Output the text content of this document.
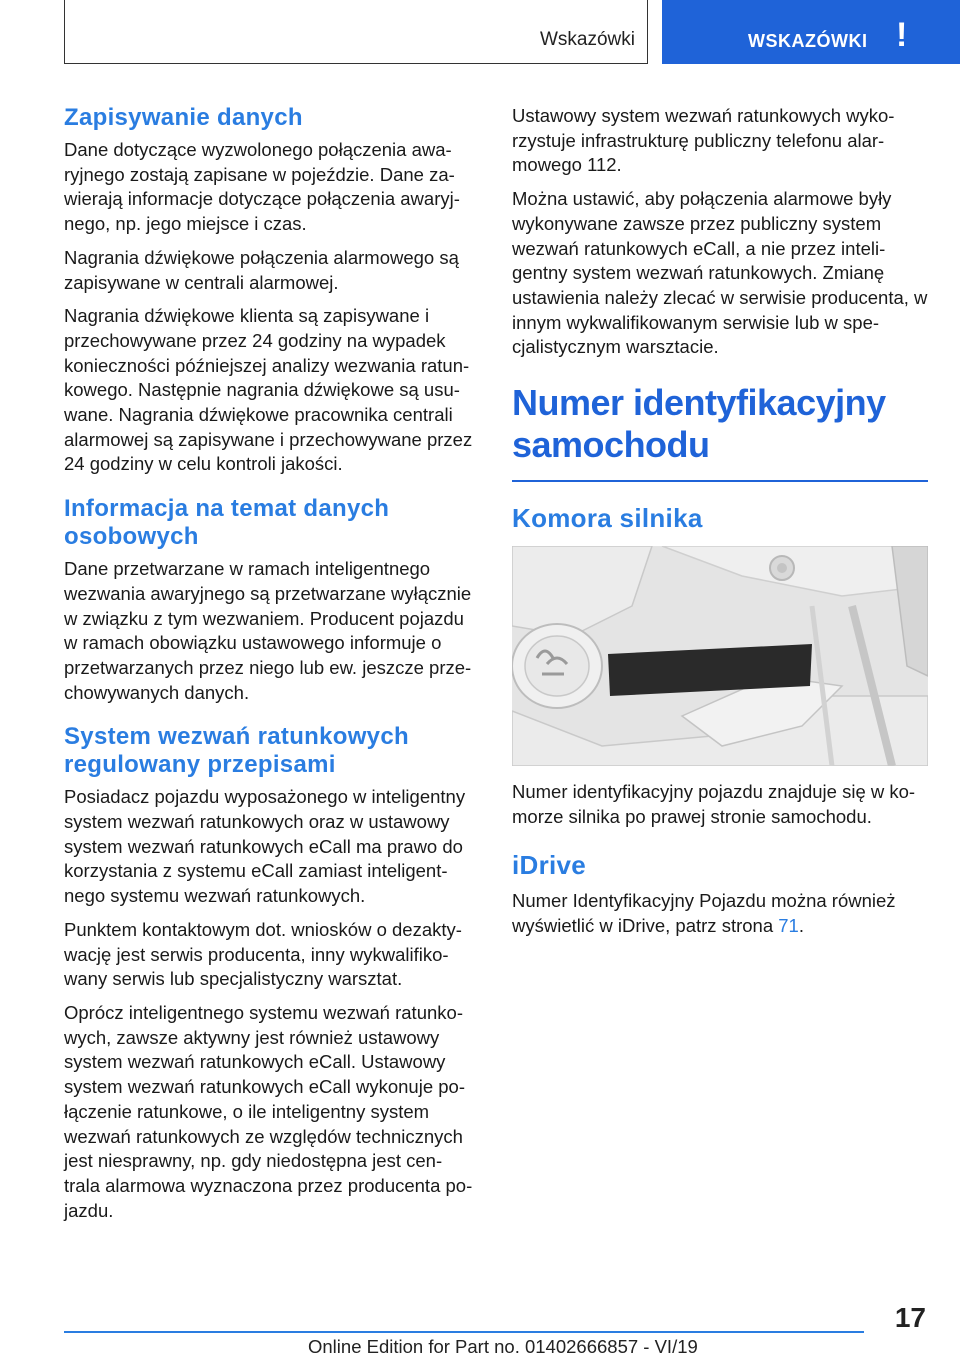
Wskazówki	WSKAZÓWKI !
Zapisywanie danych

Dane dotyczące wyzwolonego połączenia awa-ryjnego zostają zapisane w pojeździe. Dane za-wierają informacje dotyczące połączenia awaryj-nego, np. jego miejsce i czas.

Nagrania dźwiękowe połączenia alarmowego są zapisywane w centrali alarmowej.

Nagrania dźwiękowe klienta są zapisywane i przechowywane przez 24 godziny na wypadek konieczności późniejszej analizy wezwania ratun-kowego. Następnie nagrania dźwiękowe są usu-wane. Nagrania dźwiękowe pracownika centrali alarmowej są zapisywane i przechowywane przez 24 godziny w celu kontroli jakości.

Informacja na temat danych osobowych

Dane przetwarzane w ramach inteligentnego wezwania awaryjnego są przetwarzane wyłącznie w związku z tym wezwaniem. Producent pojazdu w ramach obowiązku ustawowego informuje o przetwarzanych przez niego lub ew. jeszcze prze-chowywanych danych.

System wezwań ratunkowych regulowany przepisami

Posiadacz pojazdu wyposażonego w inteligentny system wezwań ratunkowych oraz w ustawowy system wezwań ratunkowych eCall ma prawo do korzystania z systemu eCall zamiast inteligent-nego systemu wezwań ratunkowych.

Punktem kontaktowym dot. wniosków o dezakty-wację jest serwis producenta, inny wykwalifiko-wany serwis lub specjalistyczny warsztat.

Oprócz inteligentnego systemu wezwań ratunko-wych, zawsze aktywny jest również ustawowy system wezwań ratunkowych eCall. Ustawowy system wezwań ratunkowych eCall wykonuje po-łączenie ratunkowe, o ile inteligentny system wezwań ratunkowych ze względów technicznych jest niesprawny, np. gdy niedostępna jest cen-trala alarmowa wyznaczona przez producenta po-jazdu.

Ustawowy system wezwań ratunkowych wyko-rzystuje infrastrukturę publiczny telefonu alar-mowego 112.

Można ustawić, aby połączenia alarmowe były wykonywane zawsze przez publiczny system wezwań ratunkowych eCall, a nie przez inteli-gentny system wezwań ratunkowych. Zmianę ustawienia należy zlecać w serwisie producenta, w innym wykwalifikowanym serwisie lub w spe-cjalistycznym warsztacie.

Numer identyfikacyjny samochodu
Komora silnika

Numer identyfikacyjny pojazdu znajduje się w ko-morze silnika po prawej stronie samochodu.

iDrive

Numer Identyfikacyjny Pojazdu można również wyświetlić w iDrive, patrz strona 71.

17
Online Edition for Part no. 01402666857 - VI/19
